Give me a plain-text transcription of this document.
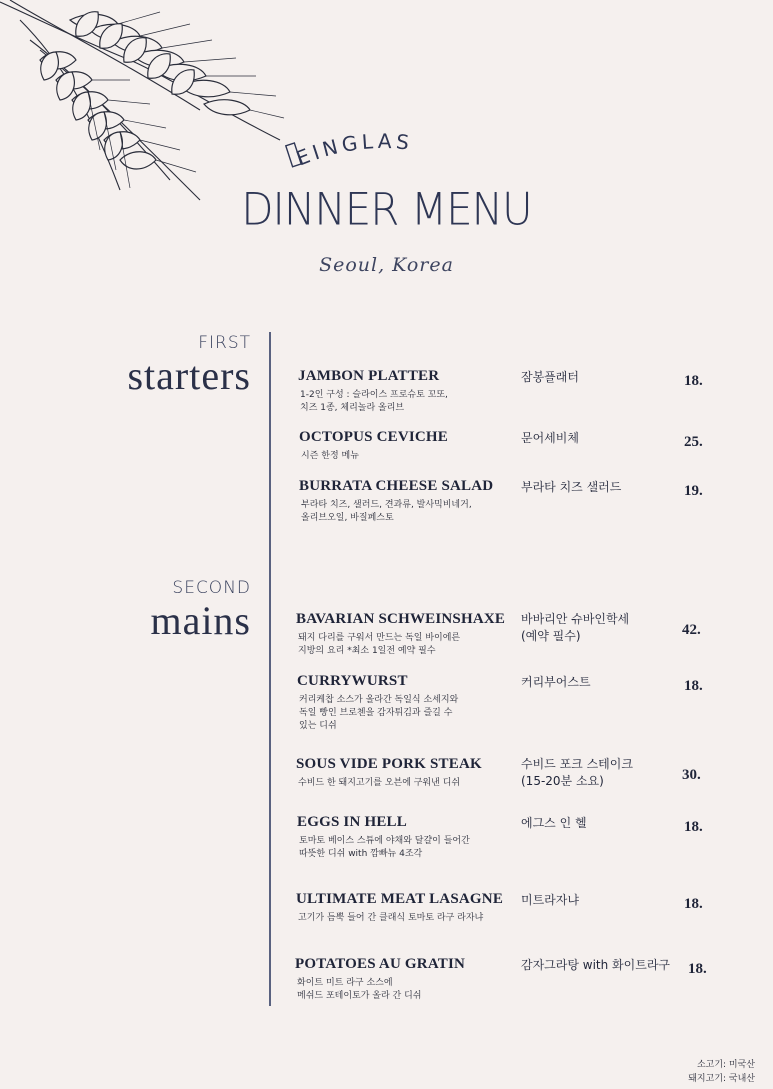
EINGLAS
DINNER MENU
Seoul, Korea
FIRST
starters
SECOND
mains
JAMBON PLATTER
1-2인 구성 : 슬라이스 프로슈토 꼬또,
치즈 1종, 체리놀라 올리브
잠봉플래터	18.
OCTOPUS CEVICHE
시즌 한정 메뉴
문어세비체	25.
BURRATA CHEESE SALAD
부라타 치즈, 샐러드, 견과류, 발사믹비네거,
올리브오일, 바질페스토
부라타 치즈 샐러드	19.
BAVARIAN SCHWEINSHAXE
돼지 다리를 구워서 만드는 독일 바이에른
지방의 요리 *최소 1일전 예약 필수
바바리안 슈바인학세
(예약 필수)	42.
CURRYWURST
커리케찹 소스가 올라간 독일식 소세지와
독일 빵인 브로첸을 감자튀김과 즐길 수
있는 디쉬
커리부어스트	18.
SOUS VIDE PORK STEAK
수비드 한 돼지고기를 오븐에 구워낸 디쉬
수비드 포크 스테이크
(15-20분 소요)	30.
EGGS IN HELL
토마토 베이스 스튜에 야채와 달걀이 들어간
따뜻한 디쉬 with 깜빠뉴 4조각
에그스 인 헬	18.
ULTIMATE MEAT LASAGNE
고기가 듬뿍 들어 간 클래식 토마토 라구 라자냐
미트라자냐	18.
POTATOES AU GRATIN
화이트 미트 라구 소스에
메쉬드 포테이토가 올라 간 디쉬
감자그라탕 with 화이트라구 18.
소고기: 미국산
돼지고기: 국내산
